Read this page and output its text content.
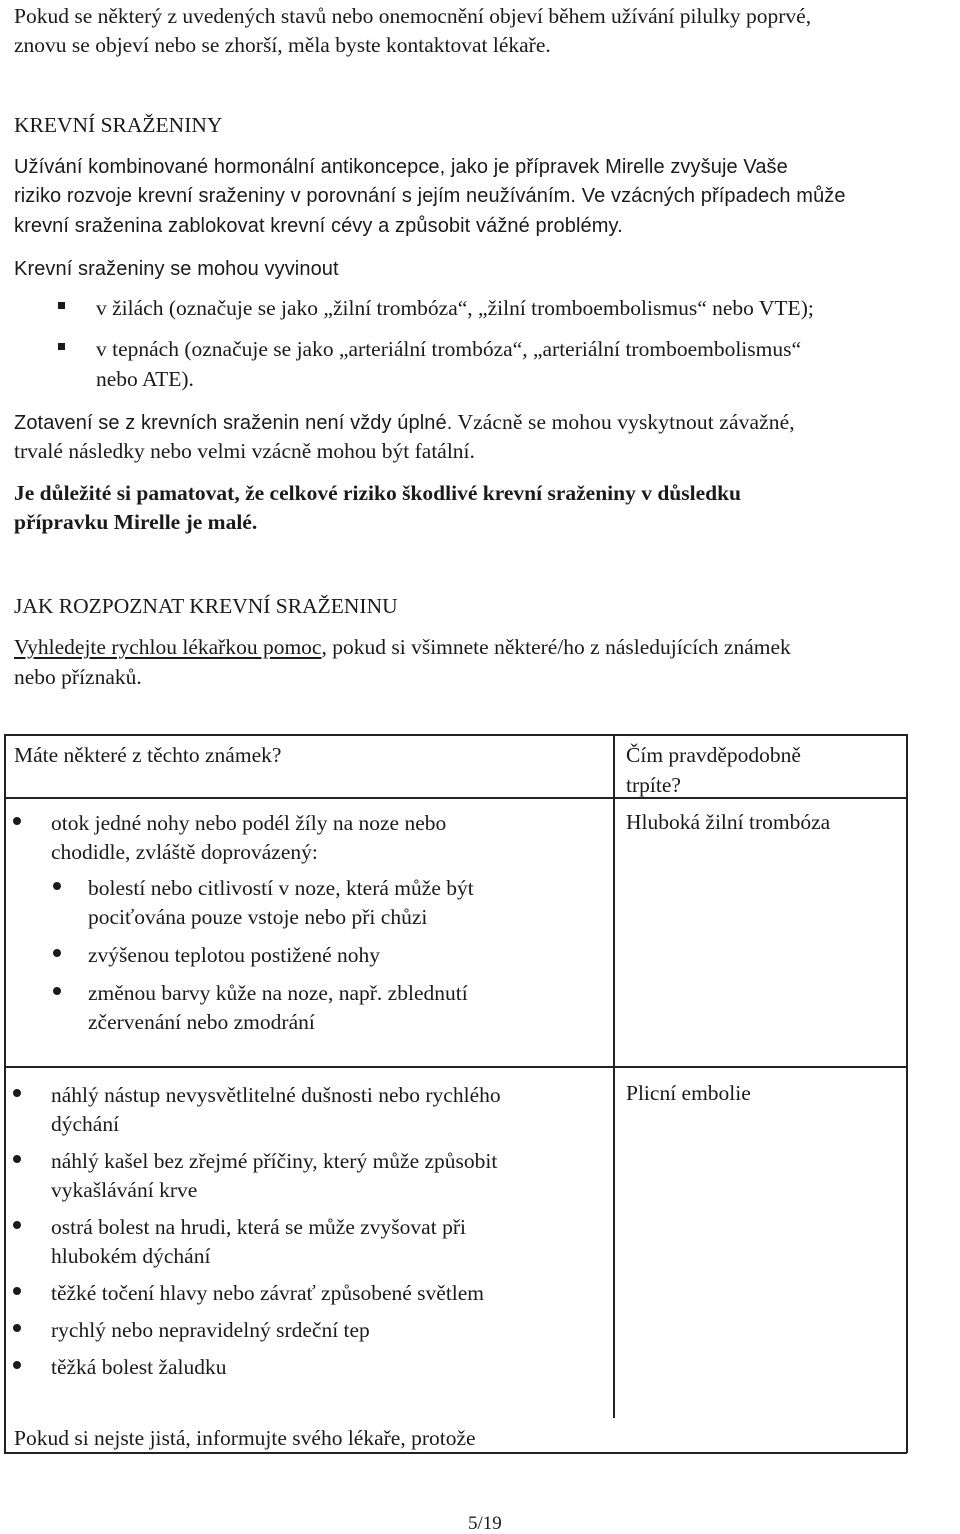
Pokud se některý z uvedených stavů nebo onemocnění objeví během užívání pilulky poprvé,
znovu se objeví nebo se zhorší, měla byste kontaktovat lékaře.
KREVNÍ SRAŽENINY
Užívání kombinované hormonální antikoncepce, jako je přípravek Mirelle zvyšuje Vaše
riziko rozvoje krevní sraženiny v porovnání s jejím neužíváním. Ve vzácných případech může
krevní sraženina zablokovat krevní cévy a způsobit vážné problémy.
Krevní sraženiny se mohou vyvinout
v žilách (označuje se jako „žilní trombóza“, „žilní tromboembolismus“ nebo VTE);
v tepnách (označuje se jako „arteriální trombóza“, „arteriální tromboembolismus“
nebo ATE).
Zotavení se z krevních sraženin není vždy úplné. Vzácně se mohou vyskytnout závažné,
trvalé následky nebo velmi vzácně mohou být fatální.
Je důležité si pamatovat, že celkové riziko škodlivé krevní sraženiny v důsledku
přípravku Mirelle je malé.
JAK ROZPOZNAT KREVNÍ SRAŽENINU
Vyhledejte rychlou lékařkou pomoc, pokud si všimnete některé/ho z následujících známek
nebo příznaků.
Máte některé z těchto známek?	Čím pravděpodobně
trpíte?
otok jedné nohy nebo podél žíly na noze nebo
chodidle, zvláště doprovázený:
bolestí nebo citlivostí v noze, která může být
pociťována pouze vstoje nebo při chůzi
zvýšenou teplotou postižené nohy
změnou barvy kůže na noze, např. zblednutí
zčervenání nebo zmodrání
Hluboká žilní trombóza
náhlý nástup nevysvětlitelné dušnosti nebo rychlého
dýchání
náhlý kašel bez zřejmé příčiny, který může způsobit
vykašlávání krve
ostrá bolest na hrudi, která se může zvyšovat při
hlubokém dýchání
těžké točení hlavy nebo závrať způsobené světlem
rychlý nebo nepravidelný srdeční tep
těžká bolest žaludku
Plicní embolie
Pokud si nejste jistá, informujte svého lékaře, protože
5/19
